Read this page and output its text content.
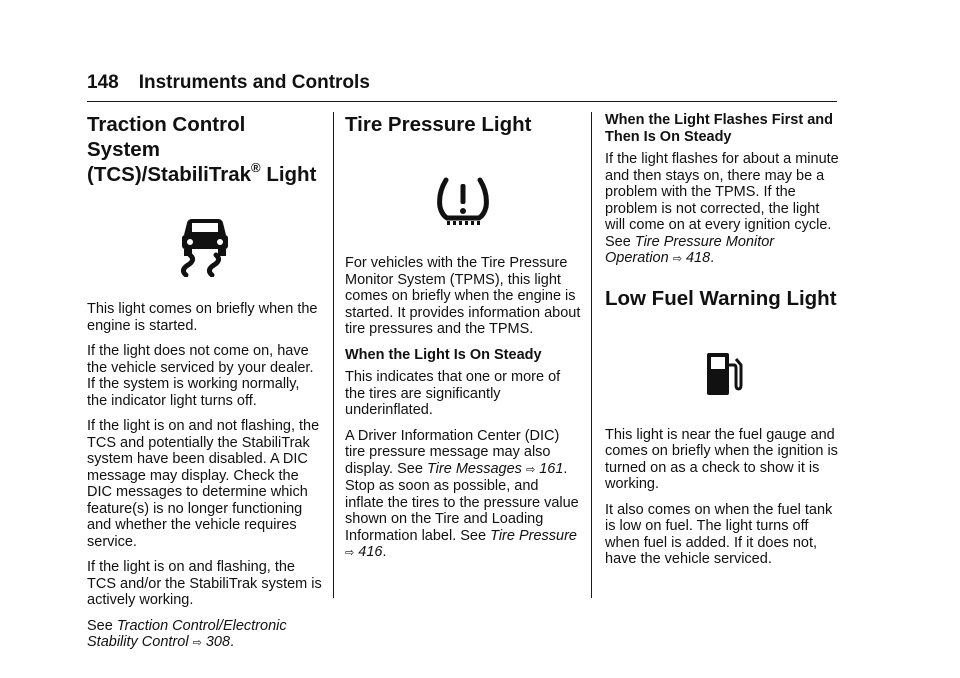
148 Instruments and Controls
Traction Control System
(TCS)/StabiliTrak® Light

This light comes on briefly when the engine is started.

If the light does not come on, have the vehicle serviced by your dealer. If the system is working normally, the indicator light turns off.

If the light is on and not flashing, the TCS and potentially the StabiliTrak system have been disabled. A DIC message may display. Check the DIC messages to determine which feature(s) is no longer functioning and whether the vehicle requires service.

If the light is on and flashing, the TCS and/or the StabiliTrak system is actively working.

See Traction Control/Electronic Stability Control ⇨ 308.

Tire Pressure Light

For vehicles with the Tire Pressure Monitor System (TPMS), this light comes on briefly when the engine is started. It provides information about tire pressures and the TPMS.

When the Light Is On Steady

This indicates that one or more of the tires are significantly underinflated.

A Driver Information Center (DIC) tire pressure message may also display. See Tire Messages ⇨ 161. Stop as soon as possible, and inflate the tires to the pressure value shown on the Tire and Loading Information label. See Tire Pressure ⇨ 416.

When the Light Flashes First and Then Is On Steady

If the light flashes for about a minute and then stays on, there may be a problem with the TPMS. If the problem is not corrected, the light will come on at every ignition cycle. See Tire Pressure Monitor Operation ⇨ 418.

Low Fuel Warning Light

This light is near the fuel gauge and comes on briefly when the ignition is turned on as a check to show it is working.

It also comes on when the fuel tank is low on fuel. The light turns off when fuel is added. If it does not, have the vehicle serviced.
